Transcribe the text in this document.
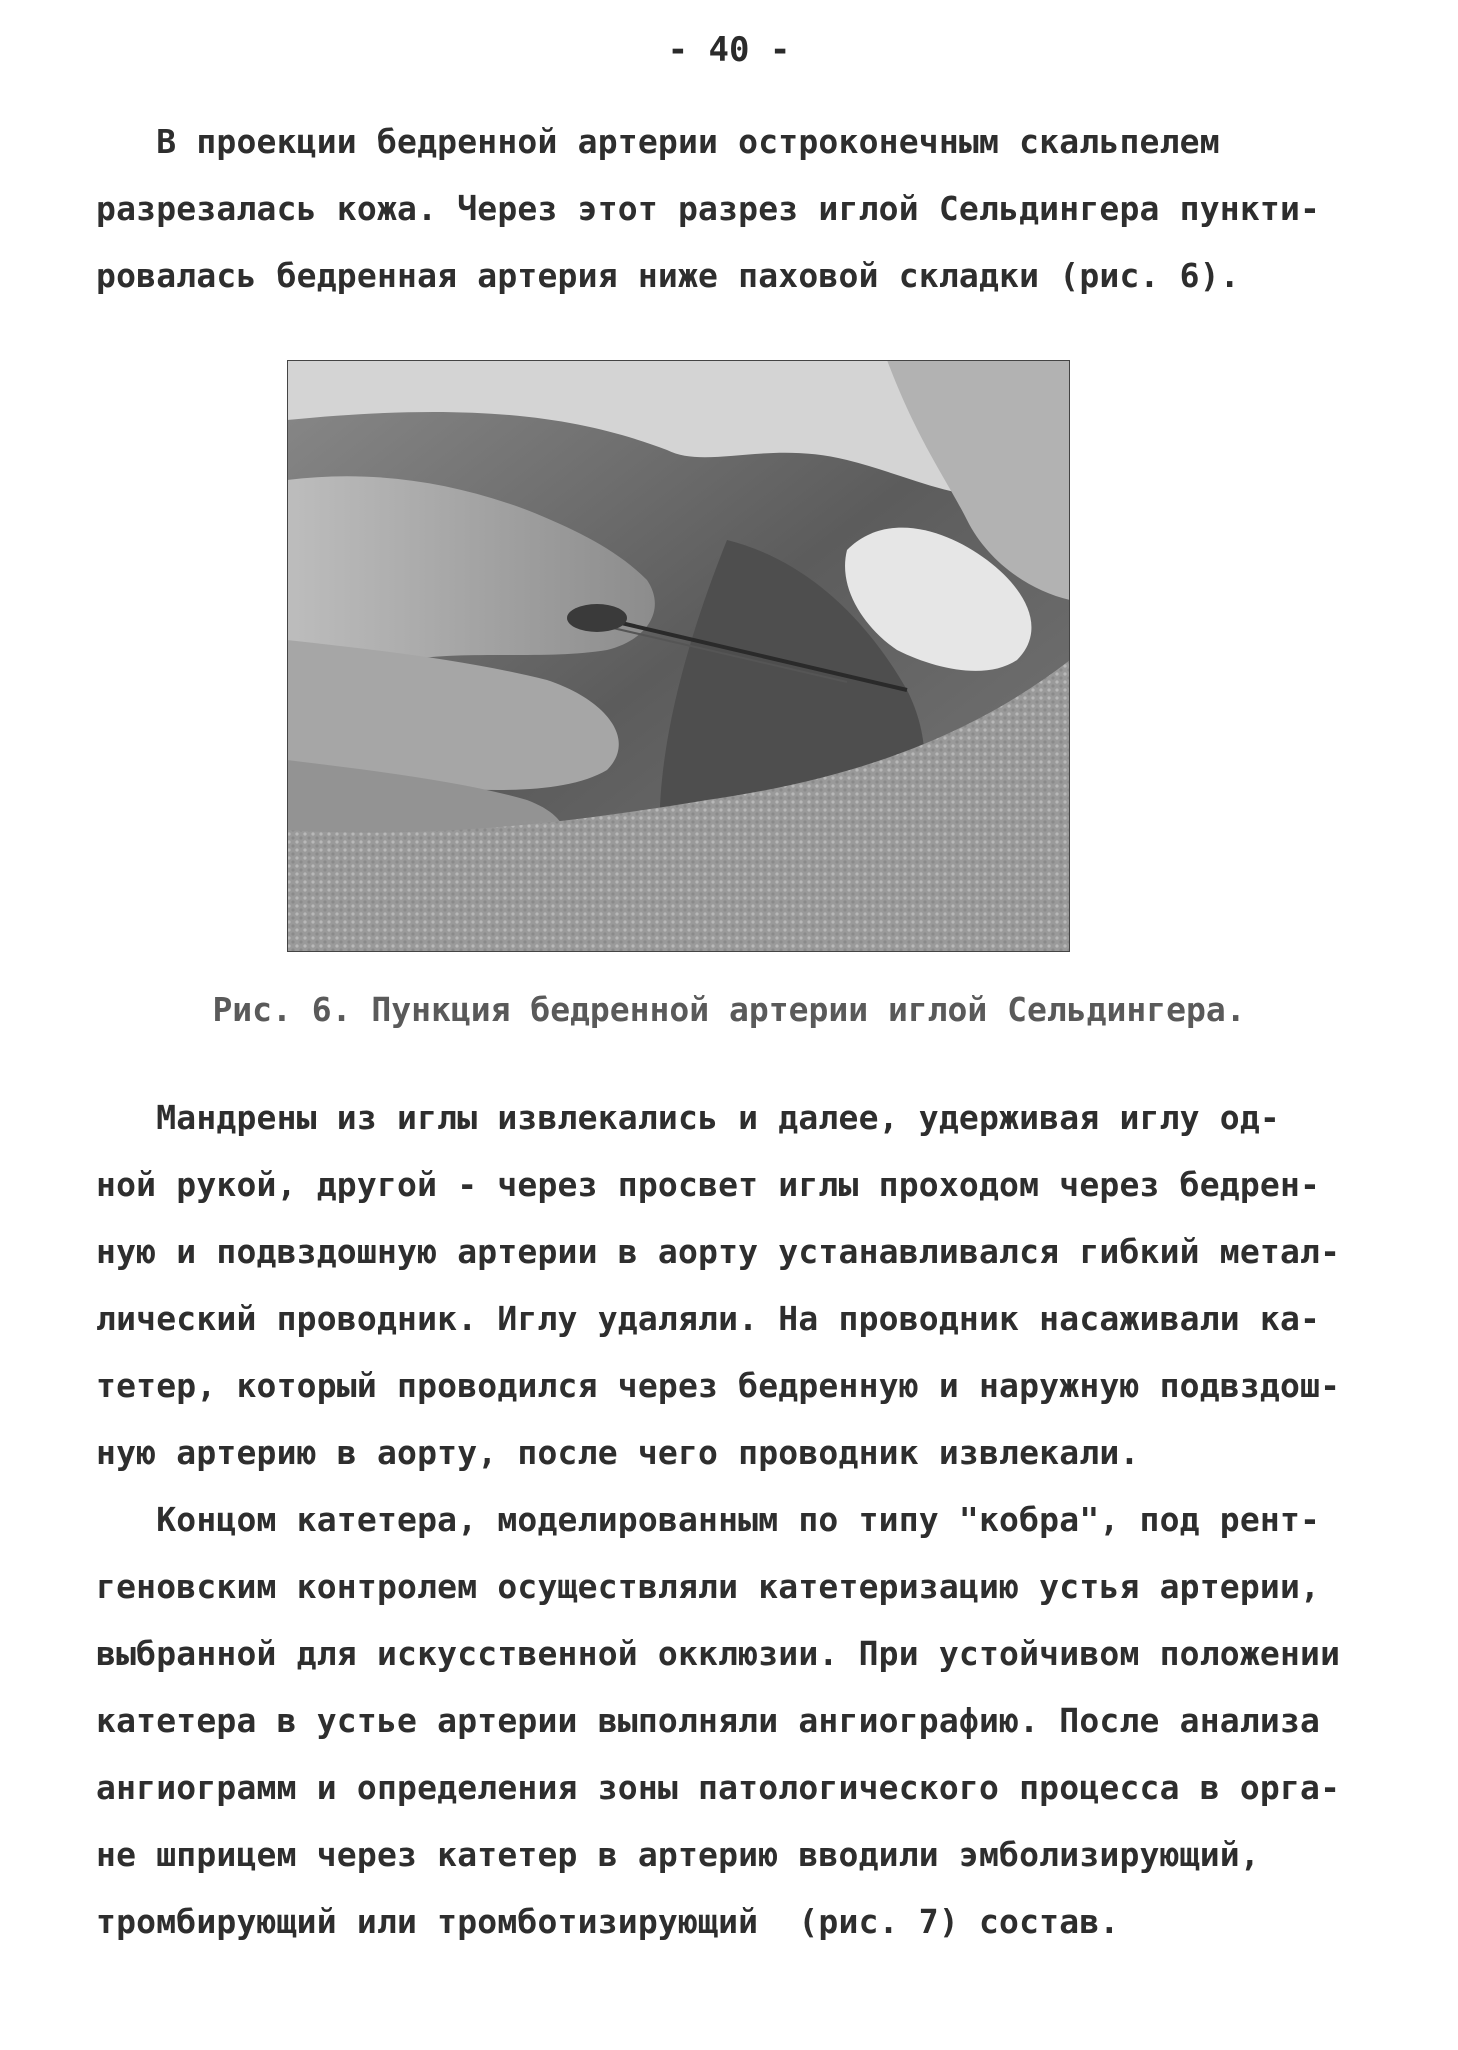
- 40 -
В проекции бедренной артерии остроконечным скальпелем
разрезалась кожа. Через этот разрез иглой Сельдингера пункти-
ровалась бедренная артерия ниже паховой складки (рис. 6).
Рис. 6. Пункция бедренной артерии иглой Сельдингера.
Мандрены из иглы извлекались и далее, удерживая иглу од-
ной рукой, другой - через просвет иглы проходом через бедрен-
ную и подвздошную артерии в аорту устанавливался гибкий метал-
лический проводник. Иглу удаляли. На проводник насаживали ка-
тетер, который проводился через бедренную и наружную подвздош-
ную артерию в аорту, после чего проводник извлекали.
Концом катетера, моделированным по типу "кобра", под рент-
геновским контролем осуществляли катетеризацию устья артерии,
выбранной для искусственной окклюзии. При устойчивом положении
катетера в устье артерии выполняли ангиографию. После анализа
ангиограмм и определения зоны патологического процесса в орга-
не шприцем через катетер в артерию вводили эмболизирующий,
тромбирующий или тромботизирующий  (рис. 7) состав.
